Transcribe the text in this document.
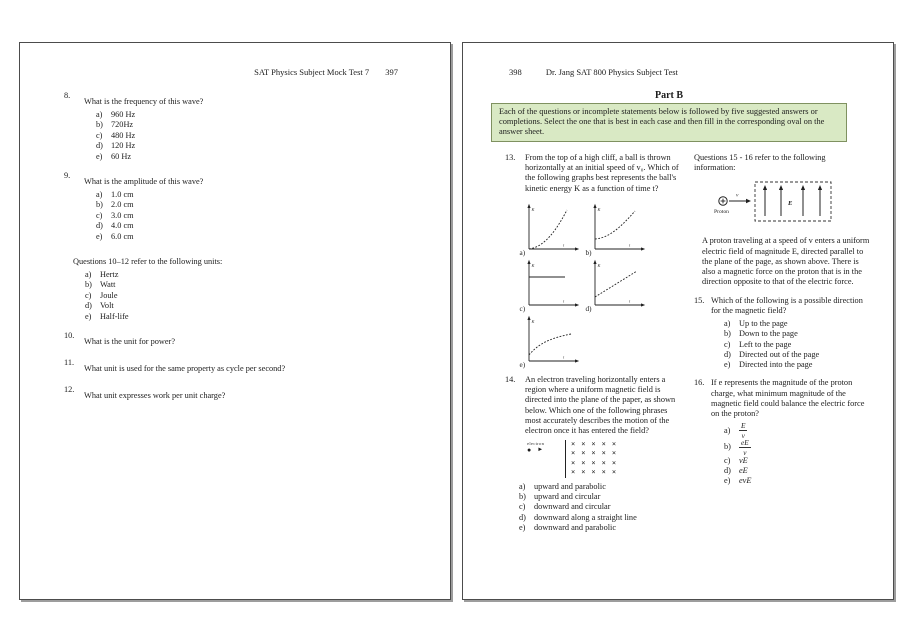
SAT Physics Subject Mock Test 7 397
8.
What is the frequency of this wave?
a)	960 Hz
b) 720Hz
c)	480 Hz
d) 120 Hz
e)	60 Hz
9.
What is the amplitude of this wave?
a)	1.0 cm
b) 2.0 cm
c)	3.0 cm
d) 4.0 cm
e)	6.0 cm
Questions 10–12 refer to the following units:
a)	Hertz
b) Watt
c)	Joule
d) Volt
e)	Half-life
10.
What is the unit for power?
11.
What unit is used for the same property as cycle per second?
12.
What unit expresses work per unit charge?
398	Dr. Jang SAT 800 Physics Subject Test
Part B
Each of the questions or incomplete statements below is followed by five suggested answers or completions. Select the one that is best in each case and then fill in the corresponding oval on the answer sheet.
13.	From the top of a high cliff, a ball is thrown horizontally at an initial speed of v₀. Which of the following graphs best represents the ball's kinetic energy K as a function of time t?
K
t
a)
K
t
b)
K
t
c)
K
t
d)
K
t
e)
14.	An electron traveling horizontally enters a region where a uniform magnetic field is directed into the plane of the paper, as shown below. Which one of the following phrases most accurately describes the motion of the electron once it has entered the field?
electron
● ►
×××××
×××××
×××××
×××××
a)	upward and parabolic
b) upward and circular
c)	downward and circular
d) downward along a straight line
e)	downward and parabolic
Questions 15 - 16 refer to the following information:
Proton
v
E
A proton traveling at a speed of v enters a uniform electric field of magnitude E, directed parallel to the plane of the page, as shown above. There is also a magnetic force on the proton that is in the direction opposite to that of the electric force.
15. Which of the following is a possible direction for the magnetic field?
a)	Up to the page
b) Down to the page
c)	Left to the page
d) Directed out of the page
e)	Directed into the page
16. If e represents the magnitude of the proton charge, what minimum magnitude of the magnetic field could balance the electric force on the proton?
a)	$\frac{E}{v}$
b)	$\frac{eE}{v}$
c)	vE
d) eE
e)	evE
